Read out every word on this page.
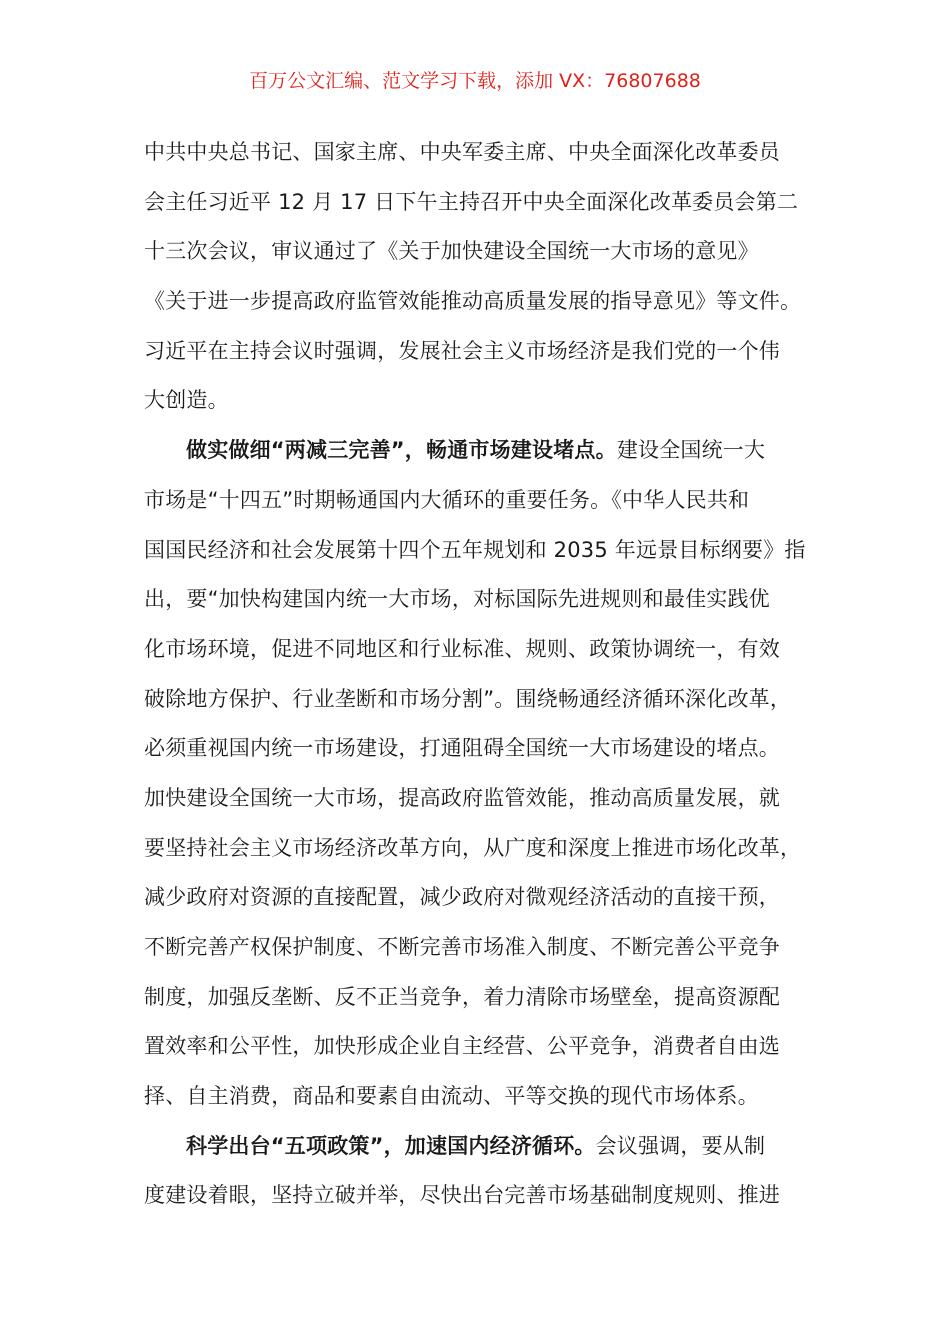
百万公文汇编、范文学习下载，添加 VX：76807688
中共中央总书记、国家主席、中央军委主席、中央全面深化改革委员
会主任习近平 12 月 17 日下午主持召开中央全面深化改革委员会第二
十三次会议，审议通过了《关于加快建设全国统一大市场的意见》
《关于进一步提高政府监管效能推动高质量发展的指导意见》等文件。
习近平在主持会议时强调，发展社会主义市场经济是我们党的一个伟
大创造。
做实做细“两减三完善”，畅通市场建设堵点。建设全国统一大
市场是“十四五”时期畅通国内大循环的重要任务。《中华人民共和
国国民经济和社会发展第十四个五年规划和 2035 年远景目标纲要》指
出，要“加快构建国内统一大市场，对标国际先进规则和最佳实践优
化市场环境，促进不同地区和行业标准、规则、政策协调统一，有效
破除地方保护、行业垄断和市场分割”。围绕畅通经济循环深化改革，
必须重视国内统一市场建设，打通阻碍全国统一大市场建设的堵点。
加快建设全国统一大市场，提高政府监管效能，推动高质量发展，就
要坚持社会主义市场经济改革方向，从广度和深度上推进市场化改革，
减少政府对资源的直接配置，减少政府对微观经济活动的直接干预，
不断完善产权保护制度、不断完善市场准入制度、不断完善公平竞争
制度，加强反垄断、反不正当竞争，着力清除市场壁垒，提高资源配
置效率和公平性，加快形成企业自主经营、公平竞争，消费者自由选
择、自主消费，商品和要素自由流动、平等交换的现代市场体系。
科学出台“五项政策”，加速国内经济循环。会议强调，要从制
度建设着眼，坚持立破并举，尽快出台完善市场基础制度规则、推进
